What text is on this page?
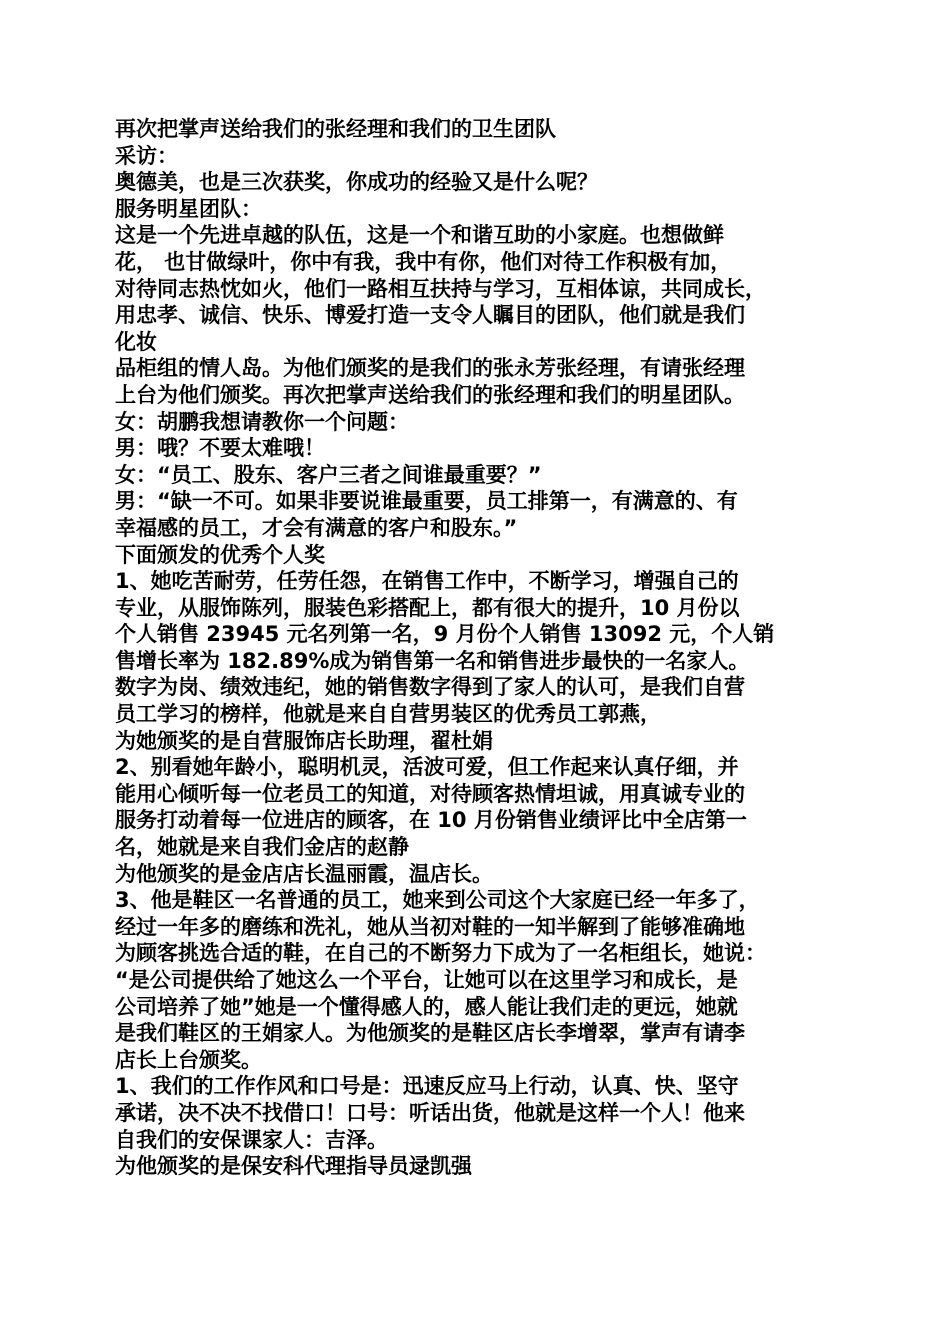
再次把掌声送给我们的张经理和我们的卫生团队
采访：
奥德美，也是三次获奖，你成功的经验又是什么呢？
服务明星团队：
这是一个先进卓越的队伍，这是一个和谐互助的小家庭。也想做鲜
花， 也甘做绿叶，你中有我，我中有你，他们对待工作积极有加，
对待同志热忱如火，他们一路相互扶持与学习，互相体谅，共同成长，
用忠孝、诚信、快乐、博爱打造一支令人瞩目的团队，他们就是我们
化妆
品柜组的情人岛。为他们颁奖的是我们的张永芳张经理，有请张经理
上台为他们颁奖。再次把掌声送给我们的张经理和我们的明星团队。
女：胡鹏我想请教你一个问题：
男：哦？不要太难哦！
女：“员工、股东、客户三者之间谁最重要？”
男：“缺一不可。如果非要说谁最重要，员工排第一，有满意的、有
幸福感的员工，才会有满意的客户和股东。”
下面颁发的优秀个人奖
1、她吃苦耐劳，任劳任怨，在销售工作中，不断学习，增强自己的
专业，从服饰陈列，服装色彩搭配上，都有很大的提升，10 月份以
个人销售 23945 元名列第一名，9 月份个人销售 13092 元，个人销
售增长率为 182.89%成为销售第一名和销售进步最快的一名家人。
数字为岗、绩效违纪，她的销售数字得到了家人的认可，是我们自营
员工学习的榜样，他就是来自自营男装区的优秀员工郭燕，
为她颁奖的是自营服饰店长助理，翟杜娟
2、别看她年龄小，聪明机灵，活波可爱，但工作起来认真仔细，并
能用心倾听每一位老员工的知道，对待顾客热情坦诚，用真诚专业的
服务打动着每一位进店的顾客，在 10 月份销售业绩评比中全店第一
名，她就是来自我们金店的赵静
为他颁奖的是金店店长温丽霞，温店长。
3、他是鞋区一名普通的员工，她来到公司这个大家庭已经一年多了，
经过一年多的磨练和洗礼，她从当初对鞋的一知半解到了能够准确地
为顾客挑选合适的鞋，在自己的不断努力下成为了一名柜组长，她说：
“是公司提供给了她这么一个平台，让她可以在这里学习和成长，是
公司培养了她”她是一个懂得感人的，感人能让我们走的更远，她就
是我们鞋区的王娟家人。为他颁奖的是鞋区店长李增翠，掌声有请李
店长上台颁奖。
1、我们的工作作风和口号是：迅速反应马上行动，认真、快、坚守
承诺，决不决不找借口！口号：听话出货，他就是这样一个人！他来
自我们的安保课家人：吉泽。
为他颁奖的是保安科代理指导员逯凯强
